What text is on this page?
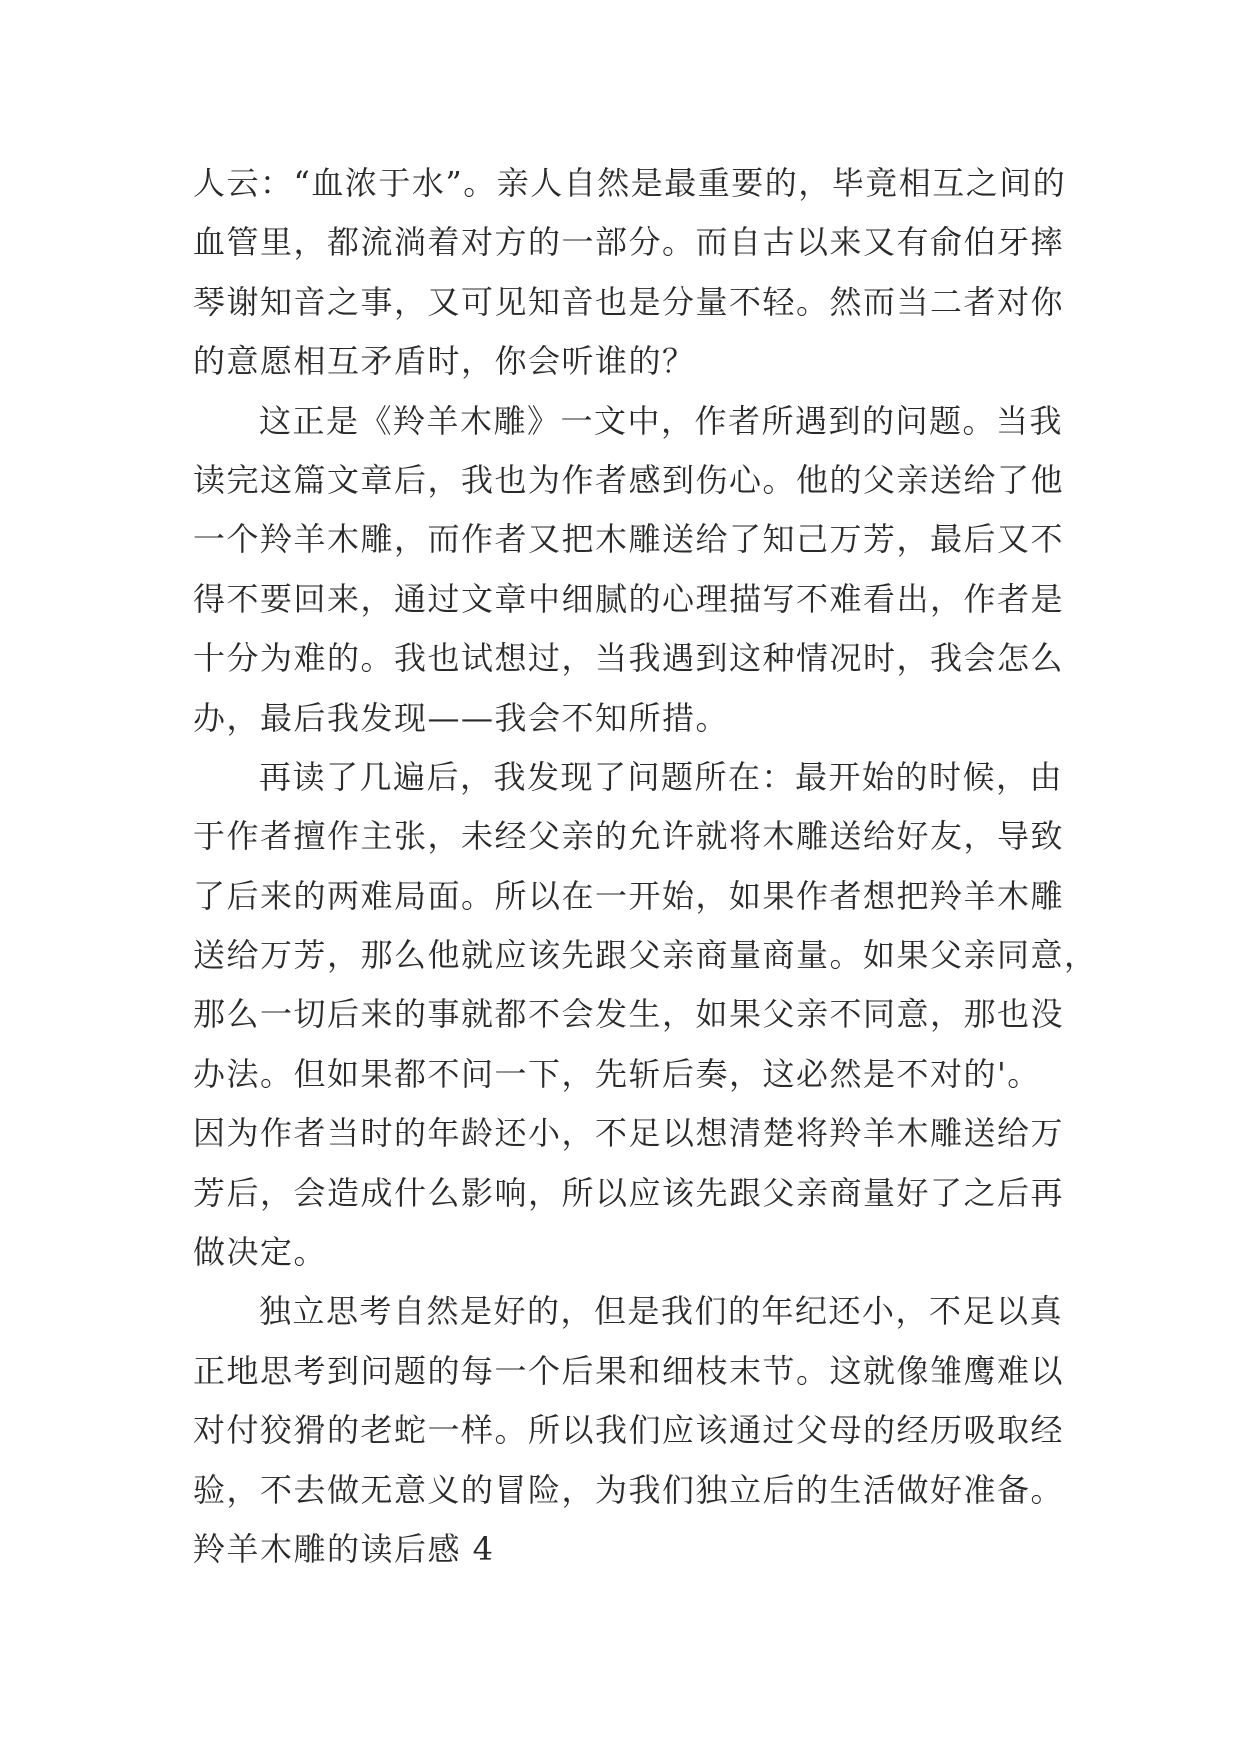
人云：“血浓于水”。亲人自然是最重要的，毕竟相互之间的
血管里，都流淌着对方的一部分。而自古以来又有俞伯牙摔
琴谢知音之事，又可见知音也是分量不轻。然而当二者对你
的意愿相互矛盾时，你会听谁的？
这正是《羚羊木雕》一文中，作者所遇到的问题。当我
读完这篇文章后，我也为作者感到伤心。他的父亲送给了他
一个羚羊木雕，而作者又把木雕送给了知己万芳，最后又不
得不要回来，通过文章中细腻的心理描写不难看出，作者是
十分为难的。我也试想过，当我遇到这种情况时，我会怎么
办，最后我发现——我会不知所措。
再读了几遍后，我发现了问题所在：最开始的时候，由
于作者擅作主张，未经父亲的允许就将木雕送给好友，导致
了后来的两难局面。所以在一开始，如果作者想把羚羊木雕
送给万芳，那么他就应该先跟父亲商量商量。如果父亲同意，
那么一切后来的事就都不会发生，如果父亲不同意，那也没
办法。但如果都不问一下，先斩后奏，这必然是不对的'。
因为作者当时的年龄还小，不足以想清楚将羚羊木雕送给万
芳后，会造成什么影响，所以应该先跟父亲商量好了之后再
做决定。
独立思考自然是好的，但是我们的年纪还小，不足以真
正地思考到问题的每一个后果和细枝末节。这就像雏鹰难以
对付狡猾的老蛇一样。所以我们应该通过父母的经历吸取经
验，不去做无意义的冒险，为我们独立后的生活做好准备。
羚羊木雕的读后感 4
